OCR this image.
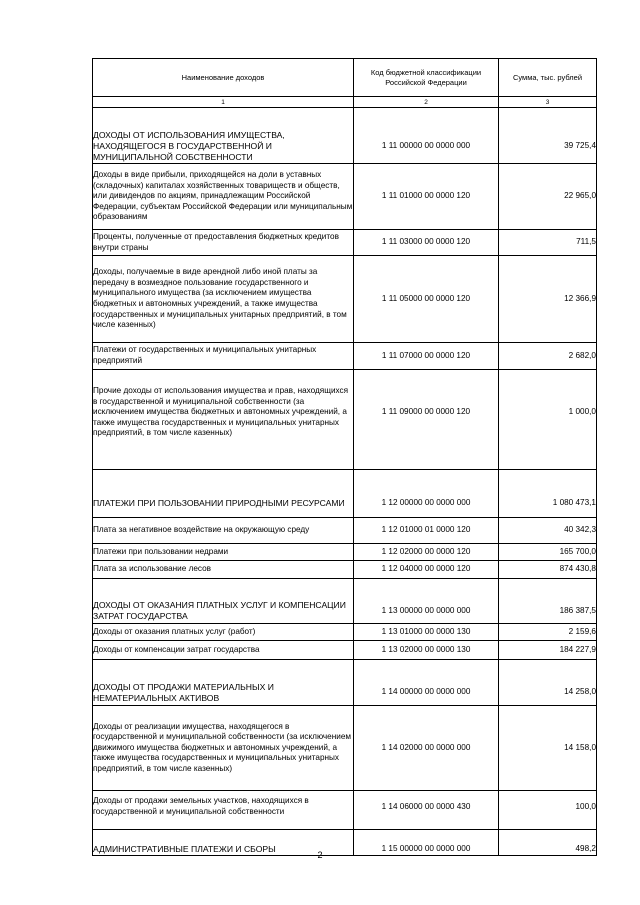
Наименование доходов	Код бюджетной классификации Российской Федерации	Сумма, тыс. рублей
1	2	3
ДОХОДЫ ОТ ИСПОЛЬЗОВАНИЯ ИМУЩЕСТВА, НАХОДЯЩЕГОСЯ В ГОСУДАРСТВЕННОЙ И МУНИЦИПАЛЬНОЙ СОБСТВЕННОСТИ	1 11 00000 00 0000 000	39 725,4
Доходы в виде прибыли, приходящейся на доли в уставных (складочных) капиталах хозяйственных товариществ и обществ, или дивидендов по акциям, принадлежащим Российской Федерации, субъектам Российской Федерации или муниципальным образованиям	1 11 01000 00 0000 120	22 965,0
Проценты, полученные от предоставления бюджетных кредитов внутри страны	1 11 03000 00 0000 120	711,5
Доходы, получаемые в виде арендной либо иной платы за передачу в возмездное пользование государственного и муниципального имущества (за исключением имущества бюджетных и автономных учреждений, а также имущества государственных и муниципальных унитарных предприятий, в том числе казенных)	1 11 05000 00 0000 120	12 366,9
Платежи от государственных и муниципальных унитарных предприятий	1 11 07000 00 0000 120	2 682,0
Прочие доходы от использования имущества и прав, находящихся в государственной и муниципальной собственности (за исключением имущества бюджетных и автономных учреждений, а также имущества государственных и муниципальных унитарных предприятий, в том числе казенных)	1 11 09000 00 0000 120	1 000,0
ПЛАТЕЖИ ПРИ ПОЛЬЗОВАНИИ ПРИРОДНЫМИ РЕСУРСАМИ	1 12 00000 00 0000 000	1 080 473,1
Плата за негативное воздействие на окружающую среду	1 12 01000 01 0000 120	40 342,3
Платежи при пользовании недрами	1 12 02000 00 0000 120	165 700,0
Плата за использование лесов	1 12 04000 00 0000 120	874 430,8
ДОХОДЫ ОТ ОКАЗАНИЯ ПЛАТНЫХ УСЛУГ И КОМПЕНСАЦИИ ЗАТРАТ ГОСУДАРСТВА	1 13 00000 00 0000 000	186 387,5
Доходы от оказания платных услуг (работ)	1 13 01000 00 0000 130	2 159,6
Доходы от компенсации затрат государства	1 13 02000 00 0000 130	184 227,9
ДОХОДЫ ОТ ПРОДАЖИ МАТЕРИАЛЬНЫХ И НЕМАТЕРИАЛЬНЫХ АКТИВОВ	1 14 00000 00 0000 000	14 258,0
Доходы от реализации имущества, находящегося в государственной и муниципальной собственности (за исключением движимого имущества бюджетных и автономных учреждений, а также имущества государственных и муниципальных унитарных предприятий, в том числе казенных)	1 14 02000 00 0000 000	14 158,0
Доходы от продажи земельных участков, находящихся в государственной и муниципальной собственности	1 14 06000 00 0000 430	100,0
АДМИНИСТРАТИВНЫЕ ПЛАТЕЖИ И СБОРЫ	1 15 00000 00 0000 000	498,2
2
